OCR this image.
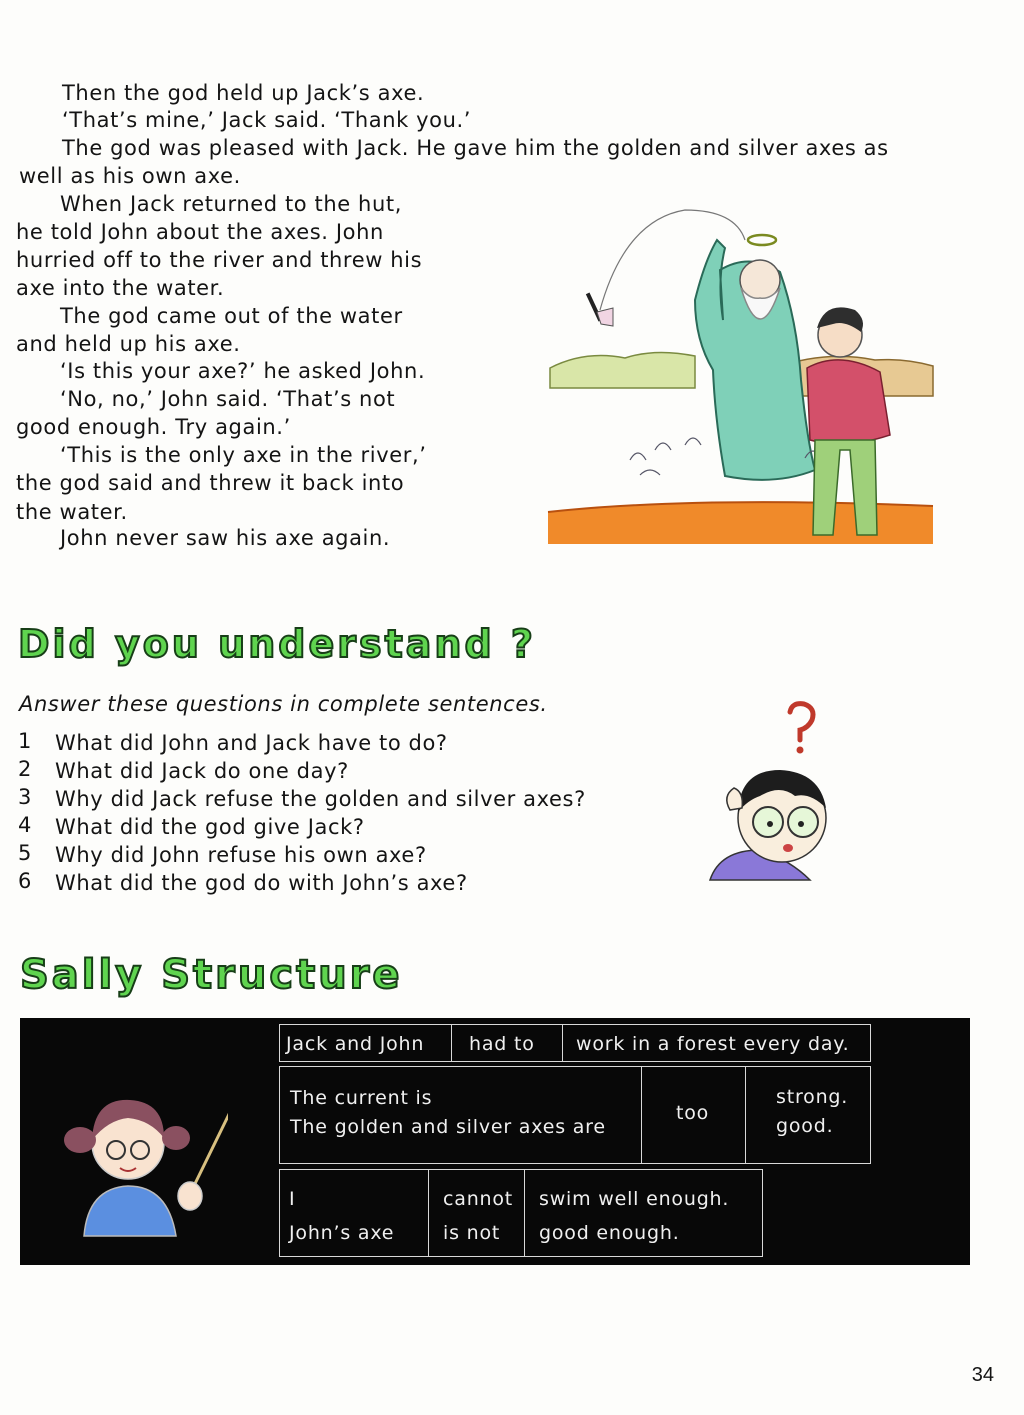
Then the god held up Jack’s axe.
‘That’s mine,’ Jack said. ‘Thank you.’
The god was pleased with Jack. He gave him the golden and silver axes as
well as his own axe.
When Jack returned to the hut,
he told John about the axes. John
hurried off to the river and threw his
axe into the water.
The god came out of the water
and held up his axe.
‘Is this your axe?’ he asked John.
‘No, no,’ John said. ‘That’s not
good enough. Try again.’
‘This is the only axe in the river,’
the god said and threw it back into
the water.
John never saw his axe again.
Did you understand ?
Answer these questions in complete sentences.
1 What did John and Jack have to do?
2 What did Jack do one day?
3 Why did Jack refuse the golden and silver axes?
4 What did the god give Jack?
5 Why did John refuse his own axe?
6 What did the god do with John’s axe?
Sally Structure
Jack and John had to work in a forest every day.
The current is
The golden and silver axes are
too
strong.
good.
I
John’s axe
cannot
is not
swim well enough.
good enough.
34
